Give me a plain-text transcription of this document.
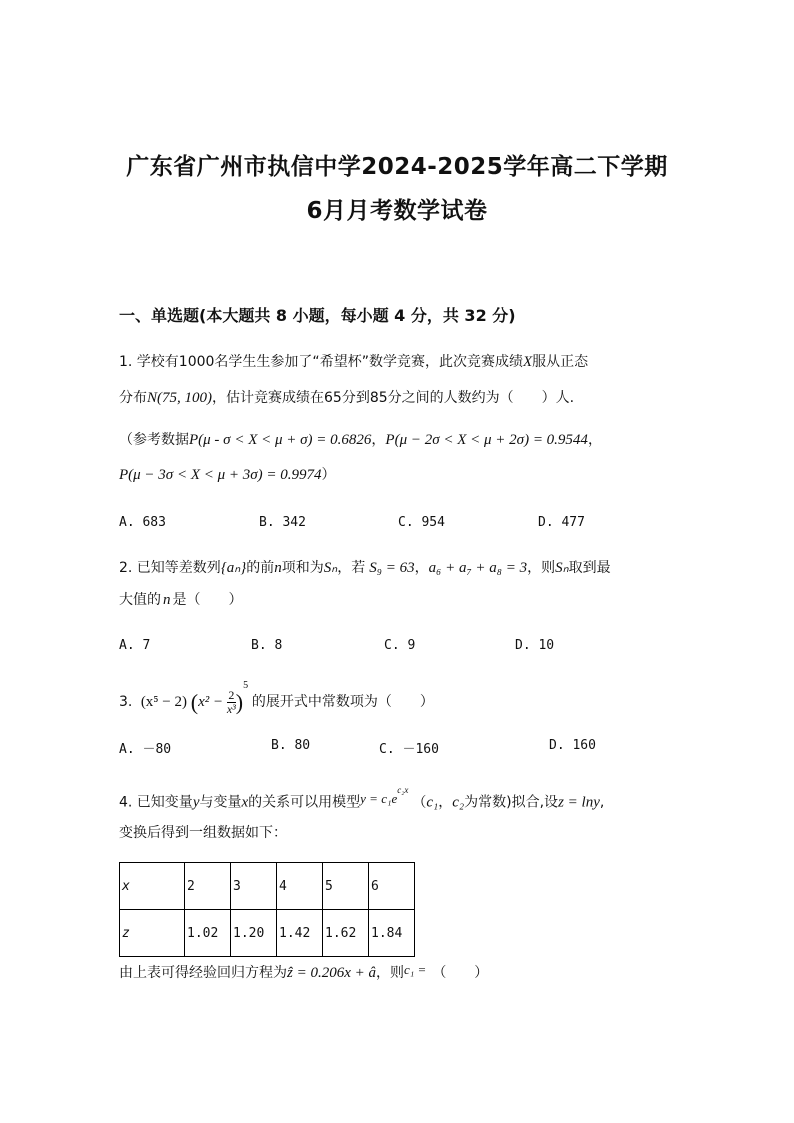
广东省广州市执信中学2024-2025学年高二下学期
6月月考数学试卷
一、单选题(本大题共 8 小题，每小题 4 分，共 32 分)
1. 学校有1000名学生生参加了“希望杯”数学竞赛，此次竞赛成绩X服从正态
分布N(75, 100)，估计竞赛成绩在65分到85分之间的人数约为（　　）人.
（参考数据P(μ - σ < X < μ + σ) = 0.6826，P(μ − 2σ < X < μ + 2σ) = 0.9544，
P(μ − 3σ < X < μ + 3σ) = 0.9974）
A. 683	B. 342	C. 954	D. 477
2. 已知等差数列{aₙ}的前n项和为Sₙ，若 S₉ = 63，a₆ + a₇ + a₈ = 3，则Sₙ取到最
大值的 n 是（　　）
A. 7	B. 8	C. 9	D. 10
3. (x⁵ − 2) $(x^2 - \frac{2}{\text{x³}} )^5$ 的展开式中常数项为（　　）
A. －80	B. 80	C. －160	D. 160
4. 已知变量y与变量x的关系可以用模型$y = c_1e^{c_2x}(c_1$，c₂为常数)拟合,设z = lny,
变换后得到一组数据如下：
x	2	3	4	5	6
z	1.02	1.20	1.42	1.62	1.84
由上表可得经验回归方程为ẑ = 0.206x + â，则c₁ = （　　）
